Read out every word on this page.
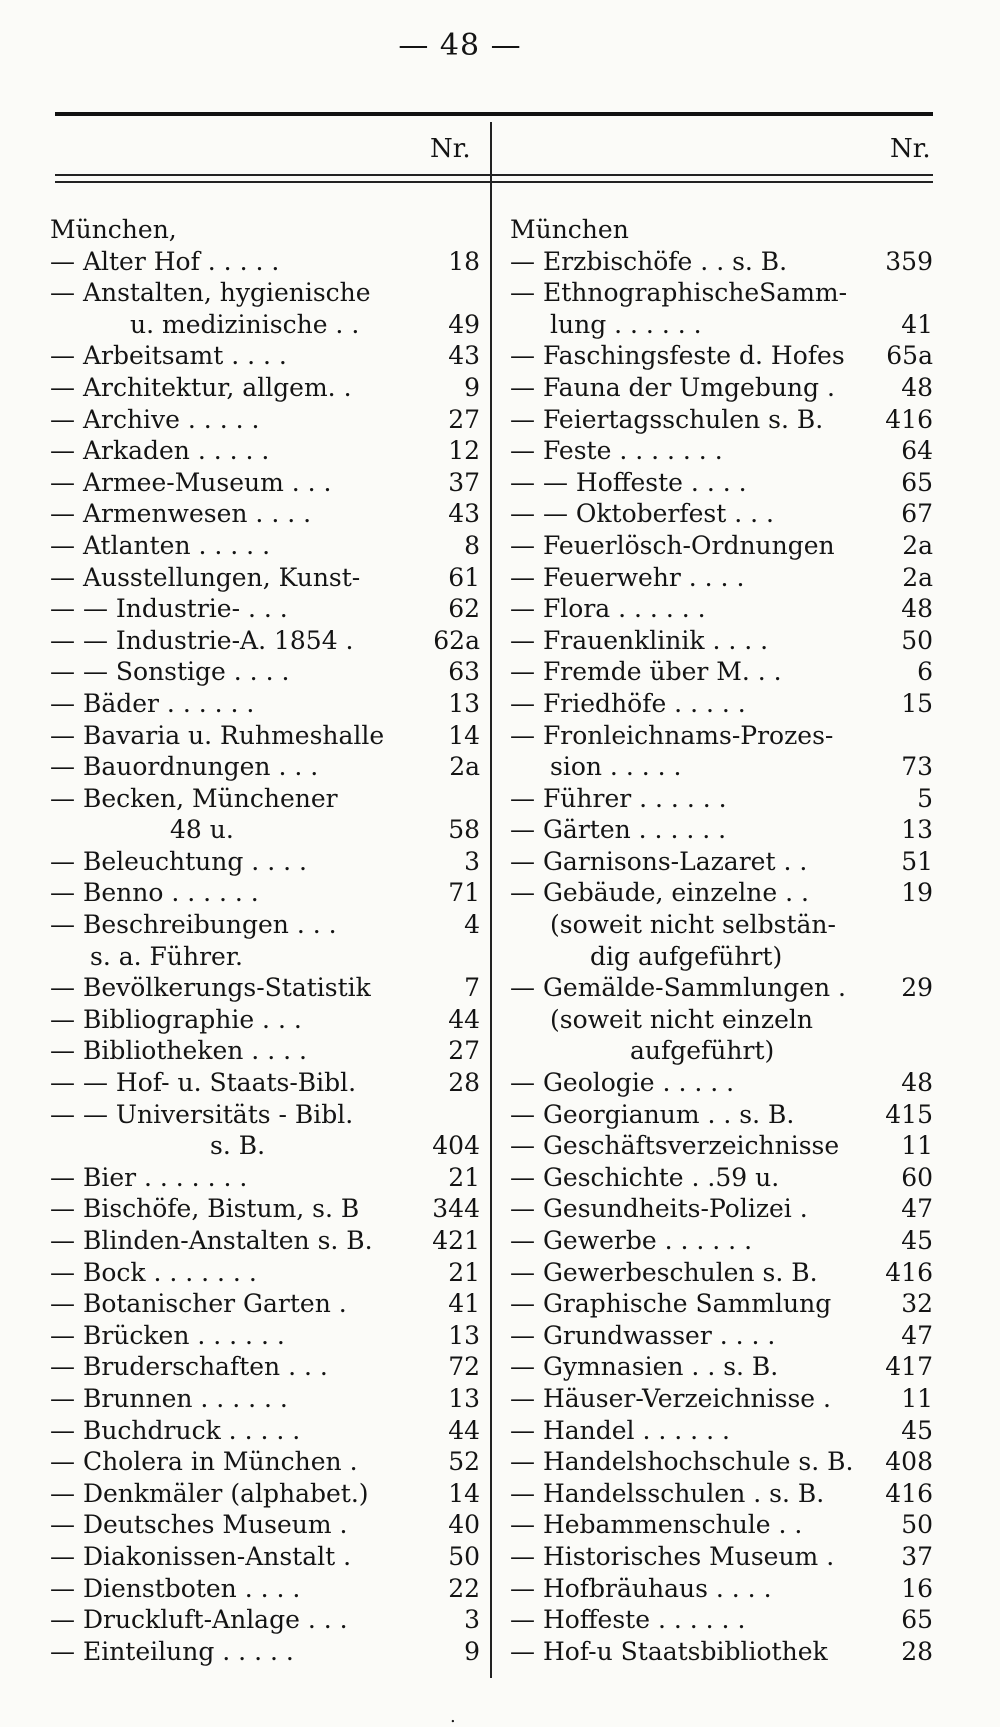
— 48 —
Nr.	Nr.
München,
— Alter Hof . . . . .	18
— Anstalten, hygienische
u. medizinische . .	49
— Arbeitsamt . . . .	43
— Architektur, allgem. .	9
— Archive . . . . .	27
— Arkaden . . . . .	12
— Armee-Museum . . .	37
— Armenwesen . . . .	43
— Atlanten . . . . .	8
— Ausstellungen, Kunst-	61
— — Industrie- . . .	62
— — Industrie-A. 1854 .	62a
— — Sonstige . . . .	63
— Bäder . . . . . .	13
— Bavaria u. Ruhmeshalle	14
— Bauordnungen . . .	2a
— Becken, Münchener
48 u.	58
— Beleuchtung . . . .	3
— Benno . . . . . .	71
— Beschreibungen . . .	4
s. a. Führer.
— Bevölkerungs-Statistik	7
— Bibliographie . . .	44
— Bibliotheken . . . .	27
— — Hof- u. Staats-Bibl.	28
— — Universitäts - Bibl.
s. B.	404
— Bier . . . . . . .	21
— Bischöfe, Bistum, s. B	344
— Blinden-Anstalten s. B. 421
— Bock . . . . . . .	21
— Botanischer Garten .	41
— Brücken . . . . . .	13
— Bruderschaften . . .	72
— Brunnen . . . . . .	13
— Buchdruck . . . . .	44
— Cholera in München .	52
— Denkmäler (alphabet.)	14
— Deutsches Museum .	40
— Diakonissen-Anstalt .	50
— Dienstboten . . . .	22
— Druckluft-Anlage . . .	3
— Einteilung . . . . .	9
München
— Erzbischöfe . . s. B.	359
— EthnographischeSamm-
lung . . . . . .	41
— Faschingsfeste d. Hofes 65a
— Fauna der Umgebung .	48
— Feiertagsschulen s. B. 416
— Feste . . . . . . .	64
— — Hoffeste . . . .	65
— — Oktoberfest . . .	67
— Feuerlösch-Ordnungen	2a
— Feuerwehr . . . .	2a
— Flora . . . . . .	48
— Frauenklinik . . . .	50
— Fremde über M. . .	6
— Friedhöfe . . . . .	15
— Fronleichnams-Prozes-
sion . . . . .	73
— Führer . . . . . .	5
— Gärten . . . . . .	13
— Garnisons-Lazaret . .	51
— Gebäude, einzelne . .	19
(soweit nicht selbstän-
dig aufgeführt)
— Gemälde-Sammlungen . 29
(soweit nicht einzeln
aufgeführt)
— Geologie . . . . .	48
— Georgianum . . s. B.	415
— Geschäftsverzeichnisse 11
— Geschichte . .59 u.	60
— Gesundheits-Polizei .	47
— Gewerbe . . . . . .	45
— Gewerbeschulen s. B.	416
— Graphische Sammlung	32
— Grundwasser . . . .	47
— Gymnasien . . s. B.	417
— Häuser-Verzeichnisse .	11
— Handel . . . . . .	45
— Handelshochschule s. B. 408
— Handelsschulen . s. B. 416
— Hebammenschule . .	50
— Historisches Museum .	37
— Hofbräuhaus . . . .	16
— Hoffeste . . . . . .	65
— Hof-u Staatsbibliothek	28
.
